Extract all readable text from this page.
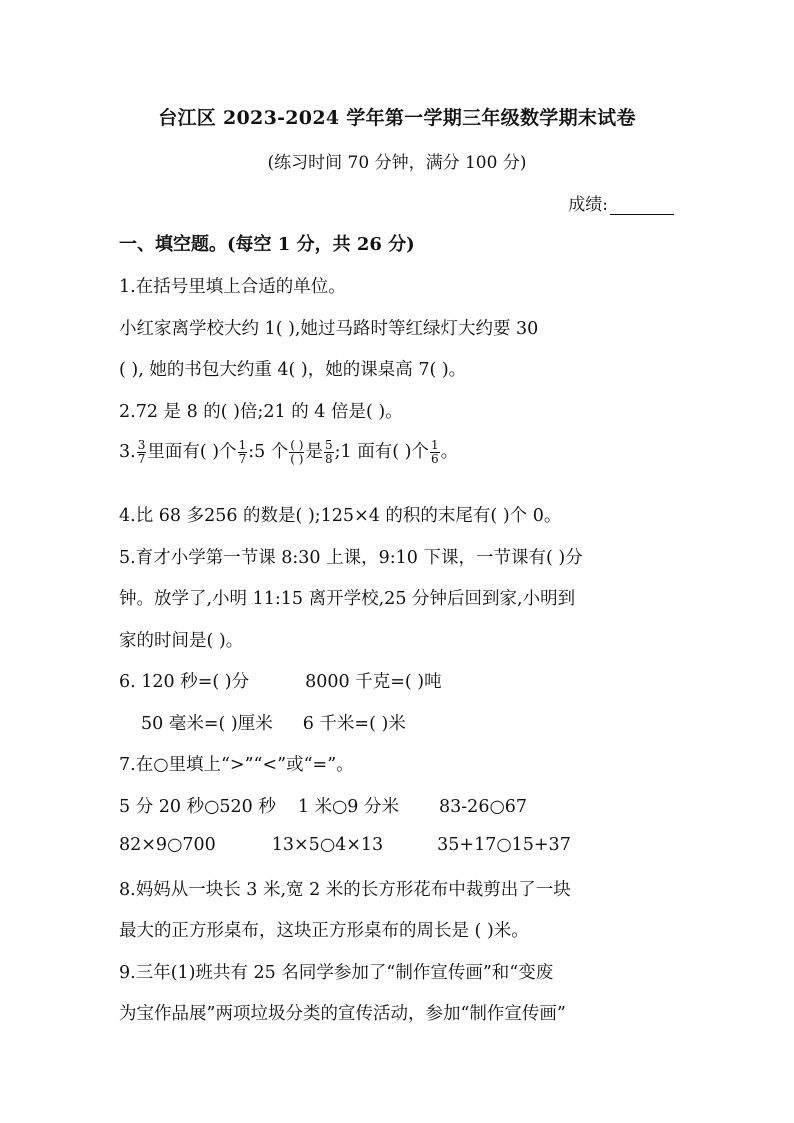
台江区 2023-2024 学年第一学期三年级数学期末试卷
(练习时间 70 分钟，满分 100 分)
成绩:
一、填空题。(每空 1 分，共 26 分)
1.在括号里填上合适的单位。
小红家离学校大约 1( ),她过马路时等红绿灯大约要 30
( ), 她的书包大约重 4( )，她的课桌高 7( )。
2.72 是 8 的( )倍;21 的 4 倍是( )。
3. $\frac{3}{7}$ 里面有( )个 $\frac{1}{7}$ :5 个 $\frac{( )}{( )}$ 是 $\frac{5}{8}$ ;1 面有( )个 $\frac{1}{6}$ 。
4.比 68 多256 的数是( );125×4 的积的末尾有( )个 0。
5.育才小学第一节课 8:30 上课，9:10 下课，一节课有( )分
钟。放学了,小明 11:15 离开学校,25 分钟后回到家,小明到
家的时间是( )。
6. 120 秒=( )分	8000 千克=( )吨
50 毫米=( )厘米 6 千米=( )米
7.在○里填上“>”“<”或“=”。
5 分 20 秒○520 秒 1 米○9 分米 83-26○67
82×9○700	13×5○4×13	35+17○15+37
8.妈妈从一块长 3 米,宽 2 米的长方形花布中裁剪出了一块
最大的正方形桌布，这块正方形桌布的周长是 ( )米。
9.三年(1)班共有 25 名同学参加了“制作宣传画”和“变废
为宝作品展”两项垃圾分类的宣传活动，参加“制作宣传画”
